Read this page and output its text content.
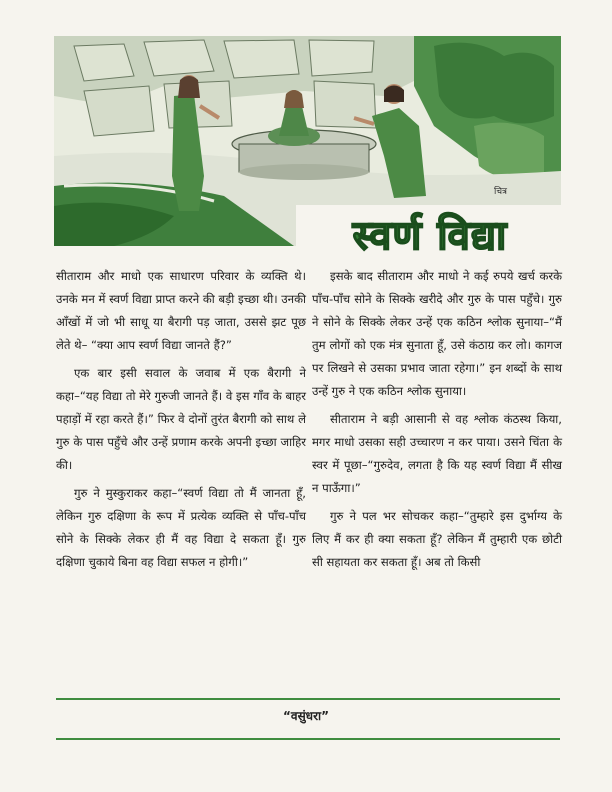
चित्र
स्वर्ण विद्या

सीताराम और माधो एक साधारण परिवार के व्यक्ति थे। उनके मन में स्वर्ण विद्या प्राप्त करने की बड़ी इच्छा थी। उनकी आँखों में जो भी साधू या बैरागी पड़ जाता, उससे झट पूछ लेते थे– “क्या आप स्वर्ण विद्या जानते हैं?”

एक बार इसी सवाल के जवाब में एक बैरागी ने कहा–“यह विद्या तो मेरे गुरुजी जानते हैं। वे इस गाँव के बाहर पहाड़ों में रहा करते हैं।” फिर वे दोनों तुरंत बैरागी को साथ ले गुरु के पास पहुँचे और उन्हें प्रणाम करके अपनी इच्छा जाहिर की।

गुरु ने मुस्कुराकर कहा–“स्वर्ण विद्या तो मैं जानता हूँ, लेकिन गुरु दक्षिणा के रूप में प्रत्येक व्यक्ति से पाँच-पाँच सोने के सिक्के लेकर ही मैं वह विद्या दे सकता हूँ। गुरु दक्षिणा चुकाये बिना वह विद्या सफल न होगी।”

इसके बाद सीताराम और माधो ने कई रुपये खर्च करके पाँच-पाँच सोने के सिक्के खरीदे और गुरु के पास पहुँचे। गुरु ने सोने के सिक्के लेकर उन्हें एक कठिन श्लोक सुनाया–“मैं तुम लोगों को एक मंत्र सुनाता हूँ, उसे कंठाग्र कर लो। कागज पर लिखने से उसका प्रभाव जाता रहेगा।” इन शब्दों के साथ उन्हें गुरु ने एक कठिन श्लोक सुनाया।

सीताराम ने बड़ी आसानी से वह श्लोक कंठस्थ किया, मगर माधो उसका सही उच्चारण न कर पाया। उसने चिंता के स्वर में पूछा–“गुरुदेव, लगता है कि यह स्वर्ण विद्या मैं सीख न पाऊँगा।”

गुरु ने पल भर सोचकर कहा–“तुम्हारे इस दुर्भाग्य के लिए मैं कर ही क्या सकता हूँ? लेकिन मैं तुम्हारी एक छोटी सी सहायता कर सकता हूँ। अब तो किसी

“वसुंधरा”
